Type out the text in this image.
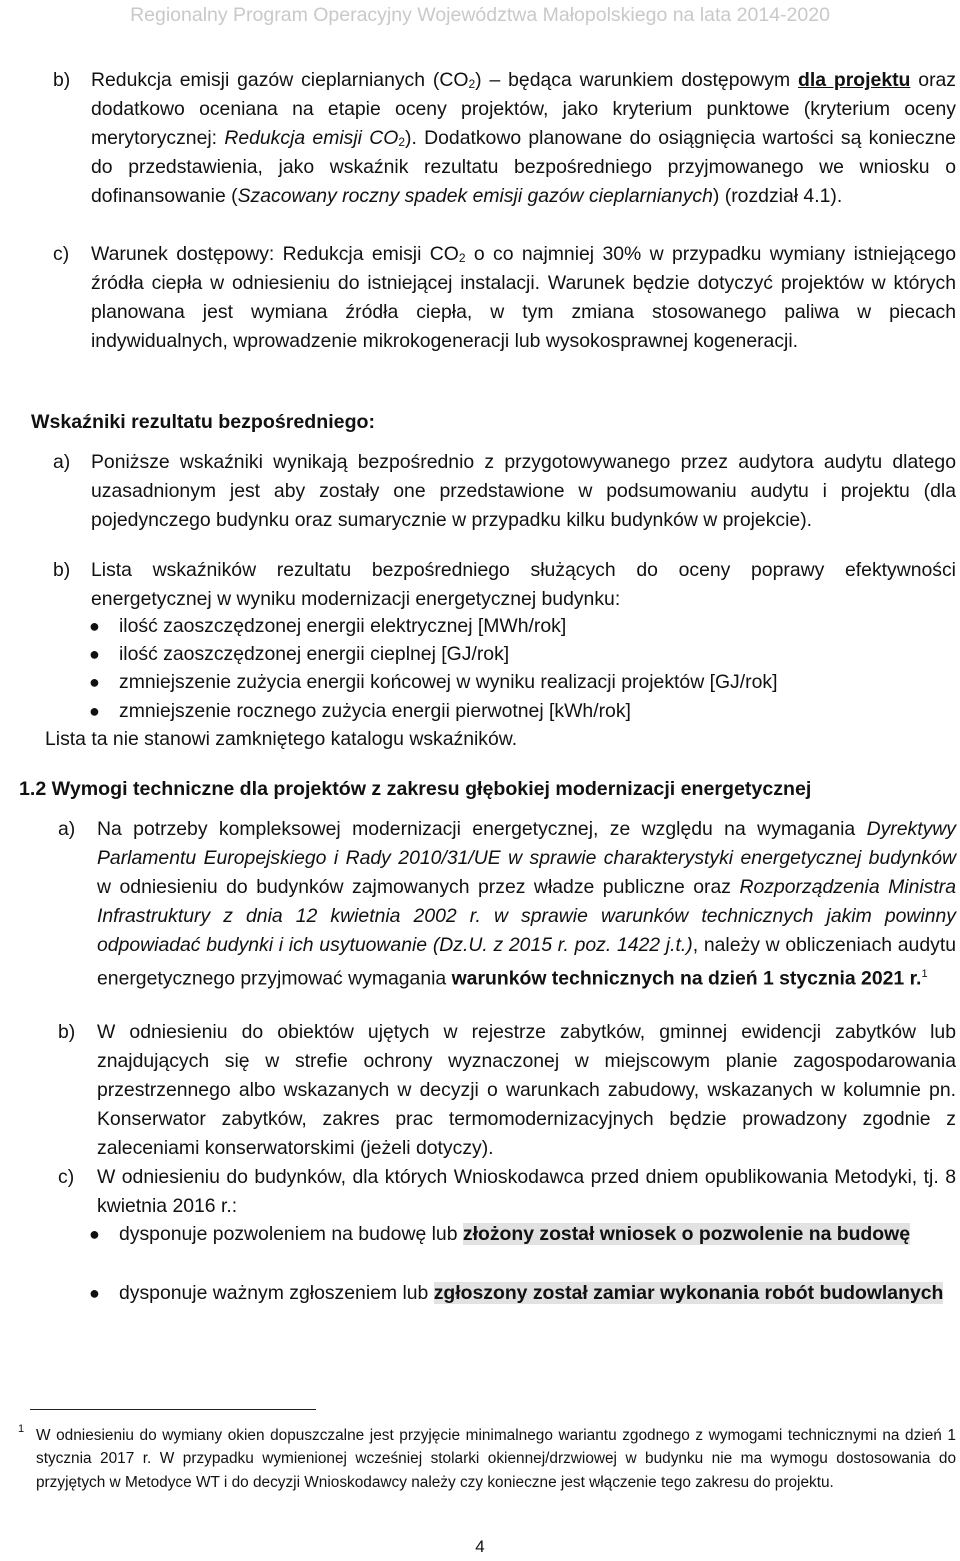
Regionalny Program Operacyjny Województwa Małopolskiego na lata 2014-2020
b) Redukcja emisji gazów cieplarnianych $(CO_2)$ – będąca warunkiem dostępowym dla projektu oraz dodatkowo oceniana na etapie oceny projektów, jako kryterium punktowe (kryterium oceny merytorycznej: Redukcja emisji $CO_2$). Dodatkowo planowane do osiągnięcia wartości są konieczne do przedstawienia, jako wskaźnik rezultatu bezpośredniego przyjmowanego we wniosku o dofinansowanie (Szacowany roczny spadek emisji gazów cieplarnianych) (rozdział 4.1).
c) Warunek dostępowy: Redukcja emisji $CO_2$ o co najmniej 30% w przypadku wymiany istniejącego źródła ciepła w odniesieniu do istniejącej instalacji. Warunek będzie dotyczyć projektów w których planowana jest wymiana źródła ciepła, w tym zmiana stosowanego paliwa w piecach indywidualnych, wprowadzenie mikrokogeneracji lub wysokosprawnej kogeneracji.
Wskaźniki rezultatu bezpośredniego:
a) Poniższe wskaźniki wynikają bezpośrednio z przygotowywanego przez audytora audytu dlatego uzasadnionym jest aby zostały one przedstawione w podsumowaniu audytu i projektu (dla pojedynczego budynku oraz sumarycznie w przypadku kilku budynków w projekcie).
b) Lista wskaźników rezultatu bezpośredniego służących do oceny poprawy efektywności energetycznej w wyniku modernizacji energetycznej budynku:
● ilość zaoszczędzonej energii elektrycznej [MWh/rok]
● ilość zaoszczędzonej energii cieplnej [GJ/rok]
● zmniejszenie zużycia energii końcowej w wyniku realizacji projektów [GJ/rok]
● zmniejszenie rocznego zużycia energii pierwotnej [kWh/rok]
Lista ta nie stanowi zamkniętego katalogu wskaźników.
1.2 Wymogi techniczne dla projektów z zakresu głębokiej modernizacji energetycznej
a) Na potrzeby kompleksowej modernizacji energetycznej, ze względu na wymagania Dyrektywy Parlamentu Europejskiego i Rady 2010/31/UE w sprawie charakterystyki energetycznej budynków w odniesieniu do budynków zajmowanych przez władze publiczne oraz Rozporządzenia Ministra Infrastruktury z dnia 12 kwietnia 2002 r. w sprawie warunków technicznych jakim powinny odpowiadać budynki i ich usytuowanie (Dz.U. z 2015 r. poz. 1422 j.t.), należy w obliczeniach audytu energetycznego przyjmować wymagania warunków technicznych na dzień 1 stycznia 2021 r.$^1$
b) W odniesieniu do obiektów ujętych w rejestrze zabytków, gminnej ewidencji zabytków lub znajdujących się w strefie ochrony wyznaczonej w miejscowym planie zagospodarowania przestrzennego albo wskazanych w decyzji o warunkach zabudowy, wskazanych w kolumnie pn. Konserwator zabytków, zakres prac termomodernizacyjnych będzie prowadzony zgodnie z zaleceniami konserwatorskimi (jeżeli dotyczy).
c) W odniesieniu do budynków, dla których Wnioskodawca przed dniem opublikowania Metodyki, tj. 8 kwietnia 2016 r.:
● dysponuje pozwoleniem na budowę lub złożony został wniosek o pozwolenie na budowę
● dysponuje ważnym zgłoszeniem lub zgłoszony został zamiar wykonania robót budowlanych
1 W odniesieniu do wymiany okien dopuszczalne jest przyjęcie minimalnego wariantu zgodnego z wymogami technicznymi na dzień 1 stycznia 2017 r. W przypadku wymienionej wcześniej stolarki okiennej/drzwiowej w budynku nie ma wymogu dostosowania do przyjętych w Metodyce WT i do decyzji Wnioskodawcy należy czy konieczne jest włączenie tego zakresu do projektu.
4
